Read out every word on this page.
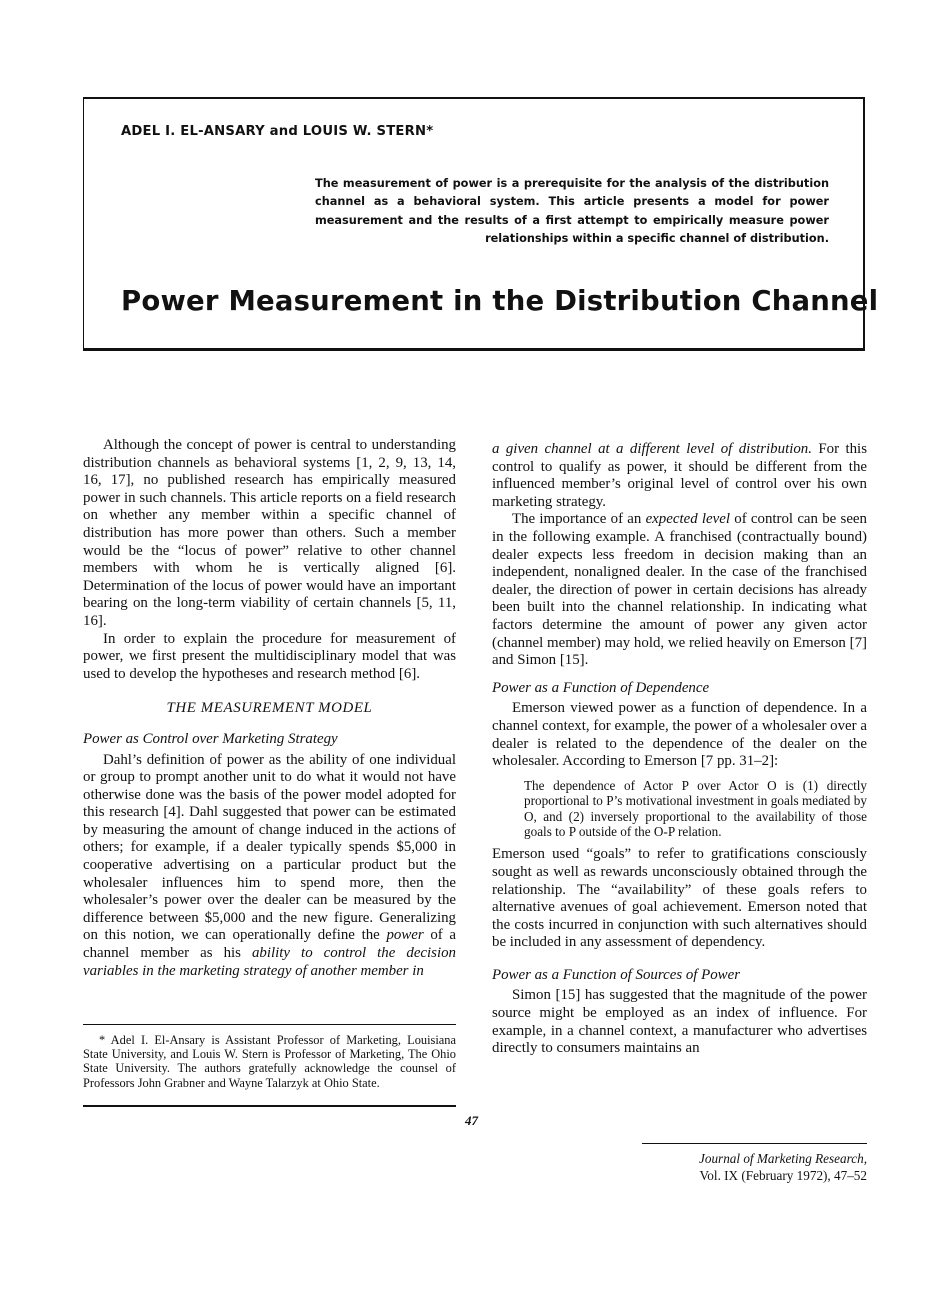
ADEL I. EL-ANSARY and LOUIS W. STERN*
The measurement of power is a prerequisite for the analysis of the distribution channel as a behavioral system. This article presents a model for power measurement and the results of a first attempt to empirically measure power relationships within a specific channel of distribution.
Power Measurement in the Distribution Channel

Although the concept of power is central to understanding distribution channels as behavioral systems [1, 2, 9, 13, 14, 16, 17], no published research has empirically measured power in such channels. This article reports on a field research on whether any member within a specific channel of distribution has more power than others. Such a member would be the “locus of power” relative to other channel members with whom he is vertically aligned [6]. Determination of the locus of power would have an important bearing on the long-term viability of certain channels [5, 11, 16].

In order to explain the procedure for measurement of power, we first present the multidisciplinary model that was used to develop the hypotheses and research method [6].

THE MEASUREMENT MODEL

Power as Control over Marketing Strategy

Dahl’s definition of power as the ability of one individual or group to prompt another unit to do what it would not have otherwise done was the basis of the power model adopted for this research [4]. Dahl suggested that power can be estimated by measuring the amount of change induced in the actions of others; for example, if a dealer typically spends $5,000 in cooperative advertising on a particular product but the wholesaler influences him to spend more, then the wholesaler’s power over the dealer can be measured by the difference between $5,000 and the new figure. Generalizing on this notion, we can operationally define the power of a channel member as his ability to control the decision variables in the marketing strategy of another member in

* Adel I. El-Ansary is Assistant Professor of Marketing, Louisiana State University, and Louis W. Stern is Professor of Marketing, The Ohio State University. The authors gratefully acknowledge the counsel of Professors John Grabner and Wayne Talarzyk at Ohio State.

a given channel at a different level of distribution. For this control to qualify as power, it should be different from the influenced member’s original level of control over his own marketing strategy.

The importance of an expected level of control can be seen in the following example. A franchised (contractually bound) dealer expects less freedom in decision making than an independent, nonaligned dealer. In the case of the franchised dealer, the direction of power in certain decisions has already been built into the channel relationship. In indicating what factors determine the amount of power any given actor (channel member) may hold, we relied heavily on Emerson [7] and Simon [15].

Power as a Function of Dependence

Emerson viewed power as a function of dependence. In a channel context, for example, the power of a wholesaler over a dealer is related to the dependence of the dealer on the wholesaler. According to Emerson [7 pp. 31–2]:

The dependence of Actor P over Actor O is (1) directly proportional to P’s motivational investment in goals mediated by O, and (2) inversely proportional to the availability of those goals to P outside of the O-P relation.

Emerson used “goals” to refer to gratifications consciously sought as well as rewards unconsciously obtained through the relationship. The “availability” of these goals refers to alternative avenues of goal achievement. Emerson noted that the costs incurred in conjunction with such alternatives should be included in any assessment of dependency.

Power as a Function of Sources of Power

Simon [15] has suggested that the magnitude of the power source might be employed as an index of influence. For example, in a channel context, a manufacturer who advertises directly to consumers maintains an

47
Journal of Marketing Research,
Vol. IX (February 1972), 47–52
